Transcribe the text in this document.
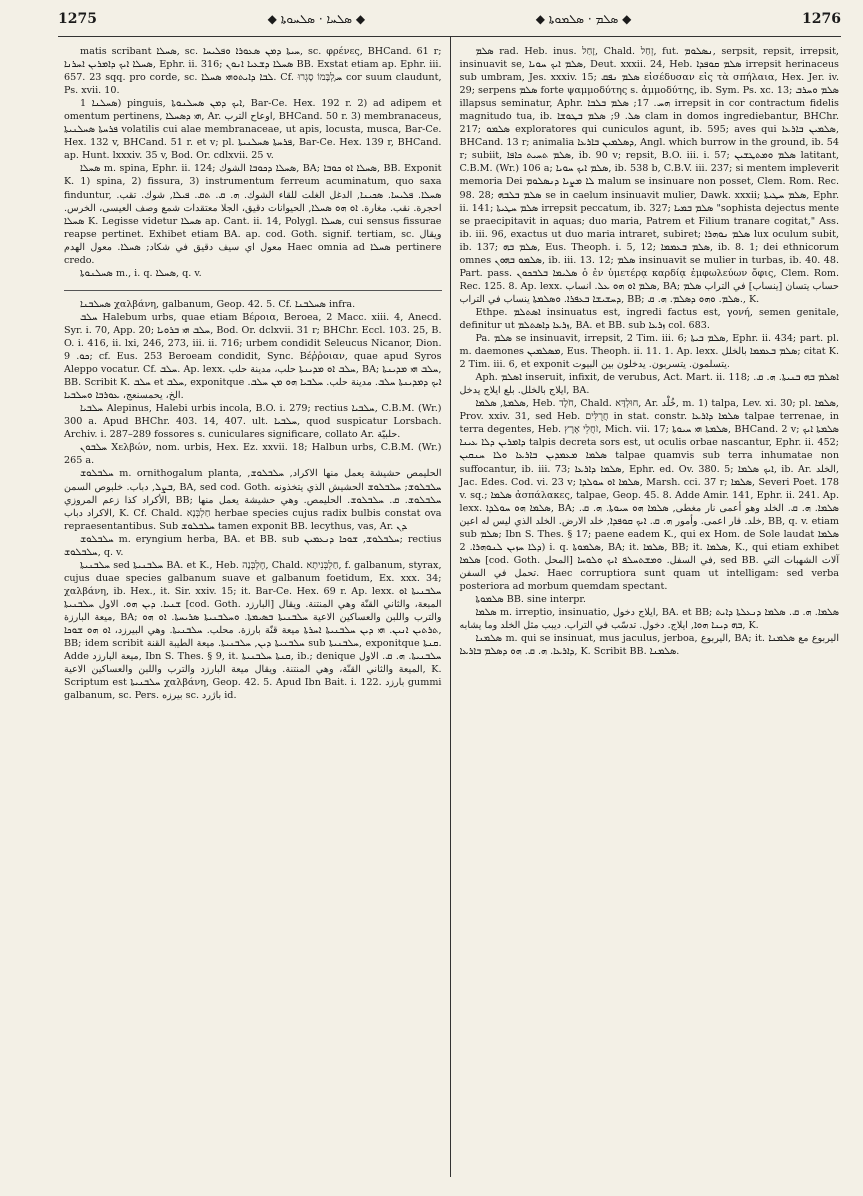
1275	◆ ܣܠܚܐ · ܣܠܚܘܬܐ ◆	◆ ܣܠܡ · ܣܠܡܘܬܐ ◆	1276

matis scribant ܣܚܠܐ, sc. ܚܝܬܐ ܕܡܢ ܣܥܘܪܐ ܘܦܠܝܚܐ, sc. φρένες, BHCand. 61 r; ܣܚܠܐ ܐܝܟ ܕܐܡܪܝܢ ܐܚܪܢܐ, Ephr. ii. 316; ܣܚܠܐ ܕܫܥܝܐ ܐܢܘܢ BB. Exstat etiam ap. Ephr. iii. 657. 23 sqq. pro corde, sc. ܠܒܐ ܕܐܝܬܘܗܝ ܣܚܠܐ. Cf. ܚֶלְבָּמוֹ סָגְרוּ cor suum claudunt, Ps. xvii. 10.

ܣܚܠܢܐ 1) pinguis, ܐܝܟ ܕܡܢ ܣܚܠܢܘܬܐ, Bar-Ce. Hex. 192 r. 2) ad adipem et omentum pertinens, ܗܝ ܕܣܚܠܐ, Ar. اوعاح الترب, BHCand. 50 r. 3) membranaceus, ܦܪܚܬܐ ܣܚܠܢܝܬܐ volatilis cui alae membranaceae, ut apis, locusta, musca, Bar-Ce. Hex. 132 v, BHCand. 51 r. et v; pl. ܦܪܚܬܐ ܣܚܠܢܝܬܐ, Bar-Ce. Hex. 139 r, BHCand. ap. Hunt. lxxxiv. 35 v, Bod. Or. cdlxvii. 25 v.

ܣܚܠܐ m. spina, Ephr. ii. 124; ܣܚܠܐ ܕܟܘܒܐ الشوك, BA; ܣܚܠܐ ܐܘ ܟܘܒܐ, BB. Exponit K. 1) spina, 2) fissura, 3) instrumentum ferreum acuminatum, quo saxa finduntur, ܣܚܠܐ. ܦܠܝܚܐ. ܣܟܝܢܐ, الدغل الغلت للقاء الشوك. ܗ. ܩ. ܬܩ. ܦܝܠܐ, شوك. تقب. احجرة. نقب. مغارة. ܐܘ ܗܘ ܣܚܠܐ, الحيوانات دقيق، الجلا معتقدات شمع وصف العيسى، الخرس. ܣܚܠܐ K. Legisse videtur ܣܚܠܐ ap. Cant. ii. 14, Polygl. ܣܚܠܐ, cui sensus fissurae reapse pertinet. Exhibet etiam BA. ap. cod. Goth. signif. tertiam, sc. ويقال معول اي سيف دقيق في شكاد; ܣܚܠܐ. معول الهدم Haec omnia ad ܣܚܠܐ pertinere credo.

ܣܚܠܢܘܬܐ m., i. q. ܣܚܠܐ, q. v.

ܣܚܠܒܢܐ χαλβάνη, galbanum, Geop. 42. 5. Cf. ܣܚܠܒܢܐ infra.

ܚܠܒ Halebum urbs, quae etiam Βέροια, Beroea, 2 Macc. xiii. 4, Anecd. Syr. i. 70, App. 20; ܚܠܒ ܗܝ ܒܪܘܝܐ, Bod. Or. dclxvii. 31 r; BHChr. Eccl. 103. 25, B. O. i. 416, ii. lxi, 246, 273, iii. ii. 716; urbem condidit Seleucus Nicanor, Dion. ܟܘ. 9; cf. Eus. 253 Beroeam condidit, Sync. Βέῤῥοιαν, quae apud Syros Aleppo vocatur. Cf. ܚܠܒ. Ap. lexx. ܚܠܒ ܐܘ ܡܕܝܢܬܐ حلب، مدينة حلب, BA; ܚܠܒ ܗܝ ܡܕܝܢܬܐ, BB. Scribit K. ܚܠܒ et ܚܠܒ, exponitque ܐܝܟ ܕܡܕܝܢܬܐ ܚܠܒ. مدينة حلب. ܚܠܒܝܐ ܗܘ ܡܢ ܚܠܒ. الخ، يحمسنعج، ܥܘܪܒܐ ܘܚܠܒܝܐ.

ܚܠܒܝܐ Alepinus, Halebi urbis incola, B.O. i. 279; rectius ܚܠܒܝܐ, C.B.M. (Wr.) 300 a. Apud BHChr. 403. 14, 407. ult. ܚܠܒܝܐ, quod suspicatur Lorsbach. Archiv. i. 287–289 fossores s. cuniculares significare, collato Ar. حلبيّة.

ܚܠܒܘܢ Χελβών, nom. urbis, Hex. Ez. xxvii. 18; Halbun urbs, C.B.M. (Wr.) 265 a.

ܚܠܒܠܘܫ m. ornithogalum planta, الحليمص حشيشة يعمل منها الاكراد, ܚܠܒܠܘܫ, ܒܨܠ, دباب. خلبوص السمن, BA, sed cod. Goth. ܚܠܒܠܘܫ; ܚܠܒܠܘܫ الحشيش الذي يتخذونه الأكراد كذا زعم المروزي, BB; ܚܠܒܠܘܫ. ܩ. ܚܠܒܠܘܫ. الحليمص. وهي حشيشة يعمل منها الاكراد دباب, K. Cf. Chald. חַלְבְּנָא herbae species cujus radix bulbis constat ova repraesentantibus. Sub ܚܠܒܠܘܫ tamen exponit BB. lecythus, vas, Ar. ܕܢ.

ܚܠܒܠܘܫ m. eryngium herba, BA. et BB. sub ܚܠܒܠܘܫ, ܫܘܟܐ ܕܢܥܡܝܢ; rectius ܚܠܒܠܘܫ, q. v.

ܚܠܒܢܝܬܐ sed ܚܠܒܢܝܬܐ BA. et K., Heb. חֶלְבְּנָה, Chald. חַלְבְּנִיתָא, f. galbanum, styrax, cujus duae species galbanum suave et galbanum foetidum, Ex. xxx. 34; χαλβάνη, ib. Hex., it. Sir. xxiv. 15; it. Bar-Ce. Hex. 69 r. Ap. lexx. ܚܠܒܢܝܬܐ ܐܘ ܫܢܝܐ. ܕܝܢ ܗܘ. الاول ܚܠܒܢܝܬܐ [cod. Goth. البارزد] المبعة، والثاني القنّة وهي المنتنة. ويقال ميعة البارزة, BA; والترب واللبن والعساكين الاعية ܚܠܒܢܝܬܐ ܒܣܝܡܬܐ. ܘܚܠܒܢܝܬܐ ܣܪܝܚܬܐ. ܐܘ ܗܘ ܬܪܬܝܢ ܐܢܝܢ. ܗܝ ܕܝܢ ܚܠܒܢܝܬܐ ܐܚܪܬܐ ميعة قنّة بارزة. محلب. ܚܠܒܢܝܬܐ. وهي البيرزد، ܐܘ ܗܘ ܫܘܟܐ, BB; idem scribit ܚܠܒܢܝܬܐ ܕܝܢ, ܚܠܒܢܝܬܐ. ميعة الطيبة القنة sub ܚܠܒܢܝܬܐ, exponitque ܩܢܬܐ. Adde ميعة البارزد, Ibn S. Thes. § 9, it. ܩܢܬܐ ܚܠܒܢܝܬܐ, ib.; denique ܚܠܒܢܝܬܐ. ܗ. ܩ. الاول الميعة والثاني القنّة، وهي المنتنة. ويقال ميعة البارزد والترب واللبن والعساكين الاعية, K. Scriptum est ܚܠܒܢܝܬܐ χαλβάνη, Geop. 42. 5. Apud Ibn Bait. i. 122. بارزد gummi galbanum, sc. Pers. بيرزه sc. باژرد id.

ܣܠܡ rad. Heb. inus. זָחַל, Chald. זְחַל, fut. ܢܣܠܘܡ, serpsit, repsit, irrepsit, insinuavit se, ܣܠܡ ܐܝܟ ܚܘܝܐ, Deut. xxxii. 24, Heb. ܣܠܡ ܩܘܦܕܐ irrepsit herinaceus sub umbram, Jes. xxxiv. 15; ܣܠܡ ܢܦܩ εἰσέδυσαν εἰς τὰ σπήλαια, Hex. Jer. iv. 29; serpens ܣܠܡ forte ψαμμοδύτης s. ἀμμοδύτης, ib. Sym. Ps. xc. 13; ܣܠܡ ܘܚܪܒ illapsus seminatur, Aphr. ܗܚ. 17; ܣܠܡ ܒܠܒܐ irrepsit in cor contractum fidelis magnitudo tua, ib. ܣܠ. 9; ܣܠܡ ܒܛܘܫܐ clam in domos ingrediebantur, BHChr. 217; ܣܠܡܘ exploratores qui cuniculos agunt, ib. 595; aves qui ܣܠܡܝܢ ܒܐܪܥܐ, BHCand. 13 r; animalia ܕܣܠܡܝܢ ܒܐܪܥܐ, Angl. which burrow in the ground, ib. 54 r; subiit, ܣܠܡ ܬܚܝܬ ܟܐܦܐ, ib. 90 v; repsit, B.O. iii. i. 57; ܣܠܡ ܘܡܬܛܫܝܢ latitant, C.B.M. (Wr.) 106 a; ܣܠܡ ܐܝܟ ܚܘܝܐ, ib. 538 b, C.B.V. iii. 237; si mentem impleverit memoria Dei ܠܐ ܡܨܝܐ ܕܢܣܠܘܡ malum se insinuare non posset, Clem. Rom. Rec. 98. 28; ܣܠܡ ܒܠܒܗ se in caelum insinuavit mulier, Dawk. xxxii; ܣܠܡ ܚܛܝܬܐ, Ephr. ii. 141; ܣܠܡ ܚܛܝܬܐ irrepsit peccatum, ib. 327; ܣܠܡ ܒܡܝܐ "sophista dejectus mente se praecipitavit in aquas; duo maria, Patrem et Filium tranare cogitat," Ass. ib. iii. 96, exactus ut duo maria intraret, subiret; ܣܠܡ ܢܘܗܪܐ lux oculum subit, ib. 137; ܣܠܡ ܒܗ, Eus. Theoph. i. 5, 12; ܣܠܡ ܒܥܡܡܐ, ib. 8. 1; dei ethnicorum omnes ܣܠܡܘ ܒܗܘܢ, ib. iii. 13. 12; ܣܠܡ insinuavit se mulier in turbas, ib. 40. 48. Part. pass. ܣܠܝܡܐ ܒܠܒܟܘܢ ὁ ἐν ὑμετέρᾳ καρδίᾳ ἐμφωλεύων ὄφις, Clem. Rom. Rec. 125. 8. Ap. lexx. ܣܠܡ ܐܘ ܗܘ ܥܠ. انساب, BA; حساب يتسان [ينساب] في التراب ܣܠܡ ܕܚܫܝܫܐ ܒܥܦܪܐ. ܘܣܠܡܬܐ ينساب في التراب, BB; ܣܠܡ. ܘܗܘ ܕܣܠܡ. ܗ. ܩ., K.

Ethpe. ܐܣܬܠܡ insinuatus est, ingredi factus est, γονή, semen genitale, definitur ut ܙܪܥܐ ܕܐܣܬܠܡ, BA. et BB. sub ܙܪܥܐ col. 683.

Pa. ܣܠܡ se insinuavit, irrepsit, 2 Tim. iii. 6; ܣܠܡ ܒܝܬܐ, Ephr. ii. 434; part. pl. m. daemones ܡܣܠܡܝܢ, Eus. Theoph. ii. 11. 1. Ap. lexx. ܣܠܡ ܒܥܡܡܐ بالخلل; citat K. 2 Tim. iii. 6, et exponit يتسلمون. يتسربون. يدخلون بين البيوت.

Aph. ܐܣܠܡ inseruit, infixit, de verubus, Act. Mart. ii. 118; ܐܣܠܡ ܒܗ ܒܢܝܬܐ. ܗ. ܩ. ايلاج بالخلل. بلع ايلاج يدخل, BA.

ܣܠܡܬܐ, ܣܠܡܐ, Heb. חֹלֶד, Chald. חוּלְדָּא, Ar. خُلْد, m. 1) talpa, Lev. xi. 30; pl. ܣܠܡܐ, Prov. xxiv. 31, sed Heb. חֲרֻלִּים in stat. constr. ܣܠܡܐ ܕܐܪܥܐ talpae terrenae, in terra degentes, Heb. זֹחֲלֵי אֶרֶץ, Mich. vii. 17; ܣܠܡܬܐ ܗܝ ܚܝܘܬܐ, BHCand. 2 v; ܣܠܡܬܐ ܐܝܟ ܕܐܡܪܝܢ ܕܠܐ ܥܝܢܐ talpis decreta sors est, ut oculis orbae nascantur, Ephr. ii. 452; ܣܠܡܐ ܡܥܡܕܝܢ ܒܐܪܥܐ ܘܠܐ ܚܢܩܝܢ talpae quamvis sub terra inhumatae non suffocantur, ib. iii. 73; ܣܠܡܐ ܕܐܪܥܐ, Ephr. ed. Ov. 380. 5; ܐܝܟ ܣܠܡܐ, ib. Ar. الخلد, Jac. Edes. Cod. vi. 23 v; ܣܠܡܐ ܐܘ ܚܘܠܕܐ, Marsh. cci. 37 r; ܣܠܡܐ, Severi Poet. 178 v. sq.; ܣܠܡܐ ἀσπάλακες, talpae, Geop. 45. 8. Adde Amir. 141, Ephr. ii. 241. Ap. lexx. ܣܠܡܐ ܗܘ ܚܘܠܕܐ, BA; ܣܠܡܐ. ܗ. ܩ. الخلد وهو أعمى نار مغطى, ܣܠܡܐ ܗܘ ܚܝܘܬܐ. ܗ. ܩ. خلد. فار اعمى. وأمور ܗ. ܩ. ܐܝܟ ܩܘܦܕܐ, خلد الارض. الخلد الذي ليس له اعين, BB, q. v. etiam sub ܣܠܡ; Ibn S. Thes. § 17; paene eadem K., qui ex Hom. de Sole laudat ܣܠܡܐ ܕܠܐ ܚܙܝܢ ܠܢܘܗܪܐ. 2) i. q. ܣܠܡܘܬܐ, BA; it. ܣܠܡܐ, BB; it. ܣܠܡܐ, K., qui etiam exhibet ܣܠܡܐ [cod. Goth. المحل] في السفل. ܘܡܫܬܚܠܦ ܐܝܟ ܘܠܘܚܐ, sed BB. آلات الشهبات التي تحمل في السفن. Haec corruptiora sunt quam ut intelligam: sed verba posteriora ad morbum quemdam spectant.

ܣܠܡܘܬܐ BB. sine interpr.

ܣܠܡܐ m. irreptio, insinuatio, ايلاج دخول, BA. et BB; ܣܠܡܐ. ܗ. ܩ. ܣܠܡܐ ܕܢܥܠܬܐ ܕܐܝܬ ܒܗ ܕܝܢܐ ܗܘܐ, ايلاج. دخول. تدسّب في التراب. ديبب مثل الخلد وما يشابه, K.

ܣܠܡܢܐ m. qui se insinuat, mus jaculus, jerboa, اليربوع, BA; it. اليربوع مع ܣܠܡܢܐ ܕܐܪܥܐ. ܗ. ܩ. ܗܘ ܕܣܠܡ ܒܐܪܥܐ, K. Scribit BB. ܣܠܡܢܐ.
